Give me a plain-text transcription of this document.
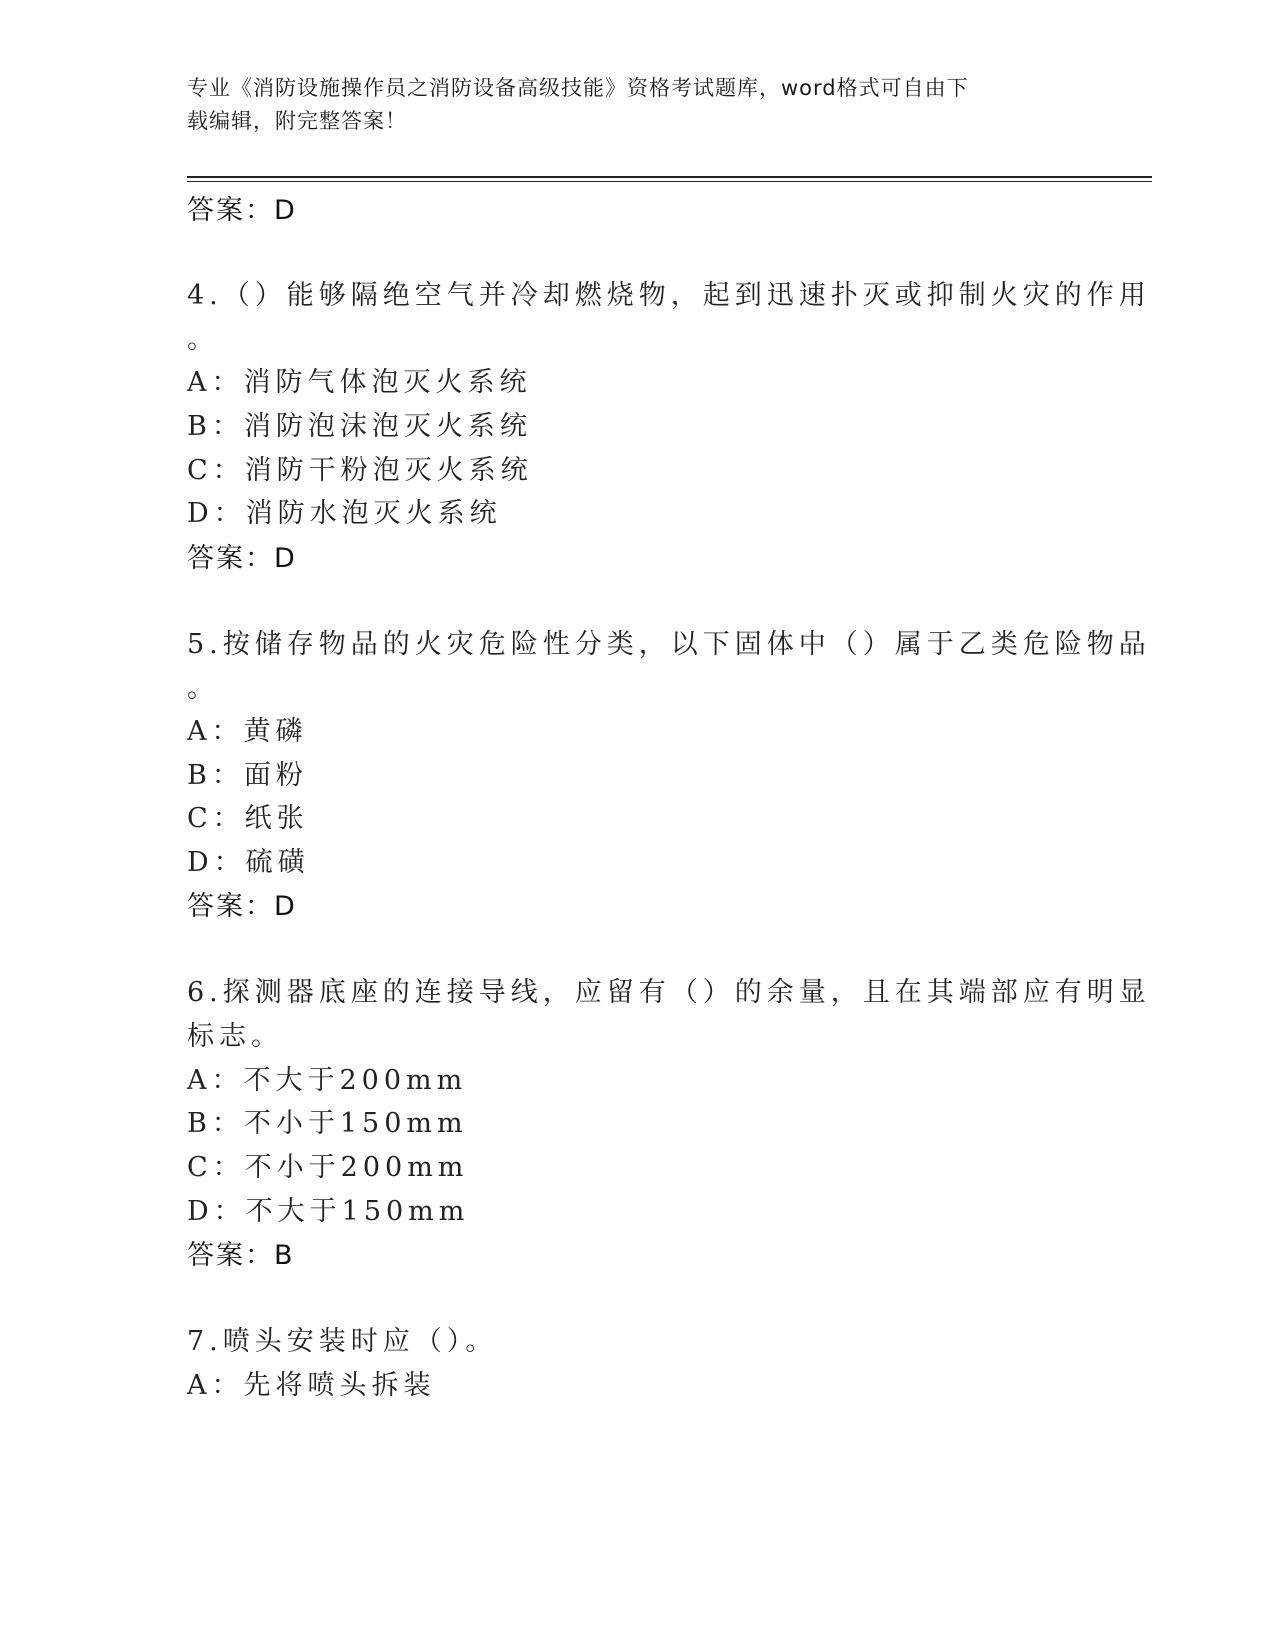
专业《消防设施操作员之消防设备高级技能》资格考试题库，word格式可自由下
载编辑，附完整答案！
答案：D
4.（）能够隔绝空气并冷却燃烧物，起到迅速扑灭或抑制火灾的作用
。
A：消防气体泡灭火系统
B：消防泡沫泡灭火系统
C：消防干粉泡灭火系统
D：消防水泡灭火系统
答案：D
5.按储存物品的火灾危险性分类，以下固体中（）属于乙类危险物品
。
A：黄磷
B：面粉
C：纸张
D：硫磺
答案：D
6.探测器底座的连接导线，应留有（）的余量，且在其端部应有明显
标志。
A：不大于200mm
B：不小于150mm
C：不小于200mm
D：不大于150mm
答案：B
7.喷头安装时应（）。
A：先将喷头拆装
